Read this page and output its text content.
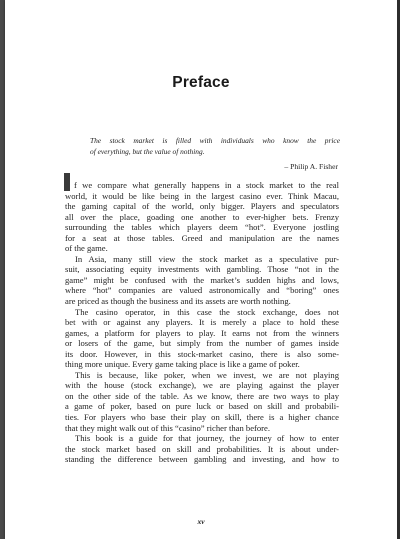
Preface
The stock market is filled with individuals who know the price
of everything, but the value of nothing.
– Philip A. Fisher
f we compare what generally happens in a stock market to the real
world, it would be like being in the largest casino ever. Think Macau,
the gaming capital of the world, only bigger. Players and speculators
all over the place, goading one another to ever-higher bets. Frenzy
surrounding the tables which players deem “hot”. Everyone jostling
for a seat at those tables. Greed and manipulation are the names
of the game.
In Asia, many still view the stock market as a speculative pur-
suit, associating equity investments with gambling. Those “not in the
game” might be confused with the market’s sudden highs and lows,
where “hot” companies are valued astronomically and “boring” ones
are priced as though the business and its assets are worth nothing.
The casino operator, in this case the stock exchange, does not
bet with or against any players. It is merely a place to hold these
games, a platform for players to play. It earns not from the winners
or losers of the game, but simply from the number of games inside
its door. However, in this stock-market casino, there is also some-
thing more unique. Every game taking place is like a game of poker.
This is because, like poker, when we invest, we are not playing
with the house (stock exchange), we are playing against the player
on the other side of the table. As we know, there are two ways to play
a game of poker, based on pure luck or based on skill and probabili-
ties. For players who base their play on skill, there is a higher chance
that they might walk out of this “casino” richer than before.
This book is a guide for that journey, the journey of how to enter
the stock market based on skill and probabilities. It is about under-
standing the difference between gambling and investing, and how to
xv
